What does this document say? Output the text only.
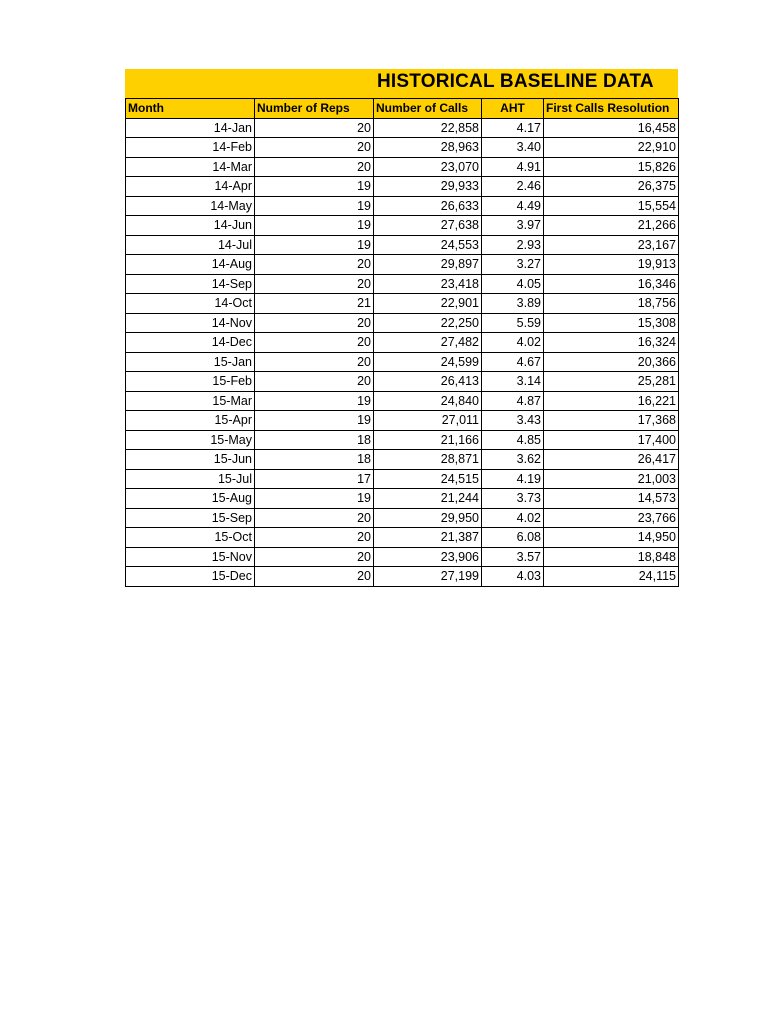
HISTORICAL BASELINE DATA
Month	Number of Reps	Number of Calls	AHT	First Calls Resolution
14-Jan	20	22,858	4.17	16,458
14-Feb	20	28,963	3.40	22,910
14-Mar	20	23,070	4.91	15,826
14-Apr	19	29,933	2.46	26,375
14-May	19	26,633	4.49	15,554
14-Jun	19	27,638	3.97	21,266
14-Jul	19	24,553	2.93	23,167
14-Aug	20	29,897	3.27	19,913
14-Sep	20	23,418	4.05	16,346
14-Oct	21	22,901	3.89	18,756
14-Nov	20	22,250	5.59	15,308
14-Dec	20	27,482	4.02	16,324
15-Jan	20	24,599	4.67	20,366
15-Feb	20	26,413	3.14	25,281
15-Mar	19	24,840	4.87	16,221
15-Apr	19	27,011	3.43	17,368
15-May	18	21,166	4.85	17,400
15-Jun	18	28,871	3.62	26,417
15-Jul	17	24,515	4.19	21,003
15-Aug	19	21,244	3.73	14,573
15-Sep	20	29,950	4.02	23,766
15-Oct	20	21,387	6.08	14,950
15-Nov	20	23,906	3.57	18,848
15-Dec	20	27,199	4.03	24,115
